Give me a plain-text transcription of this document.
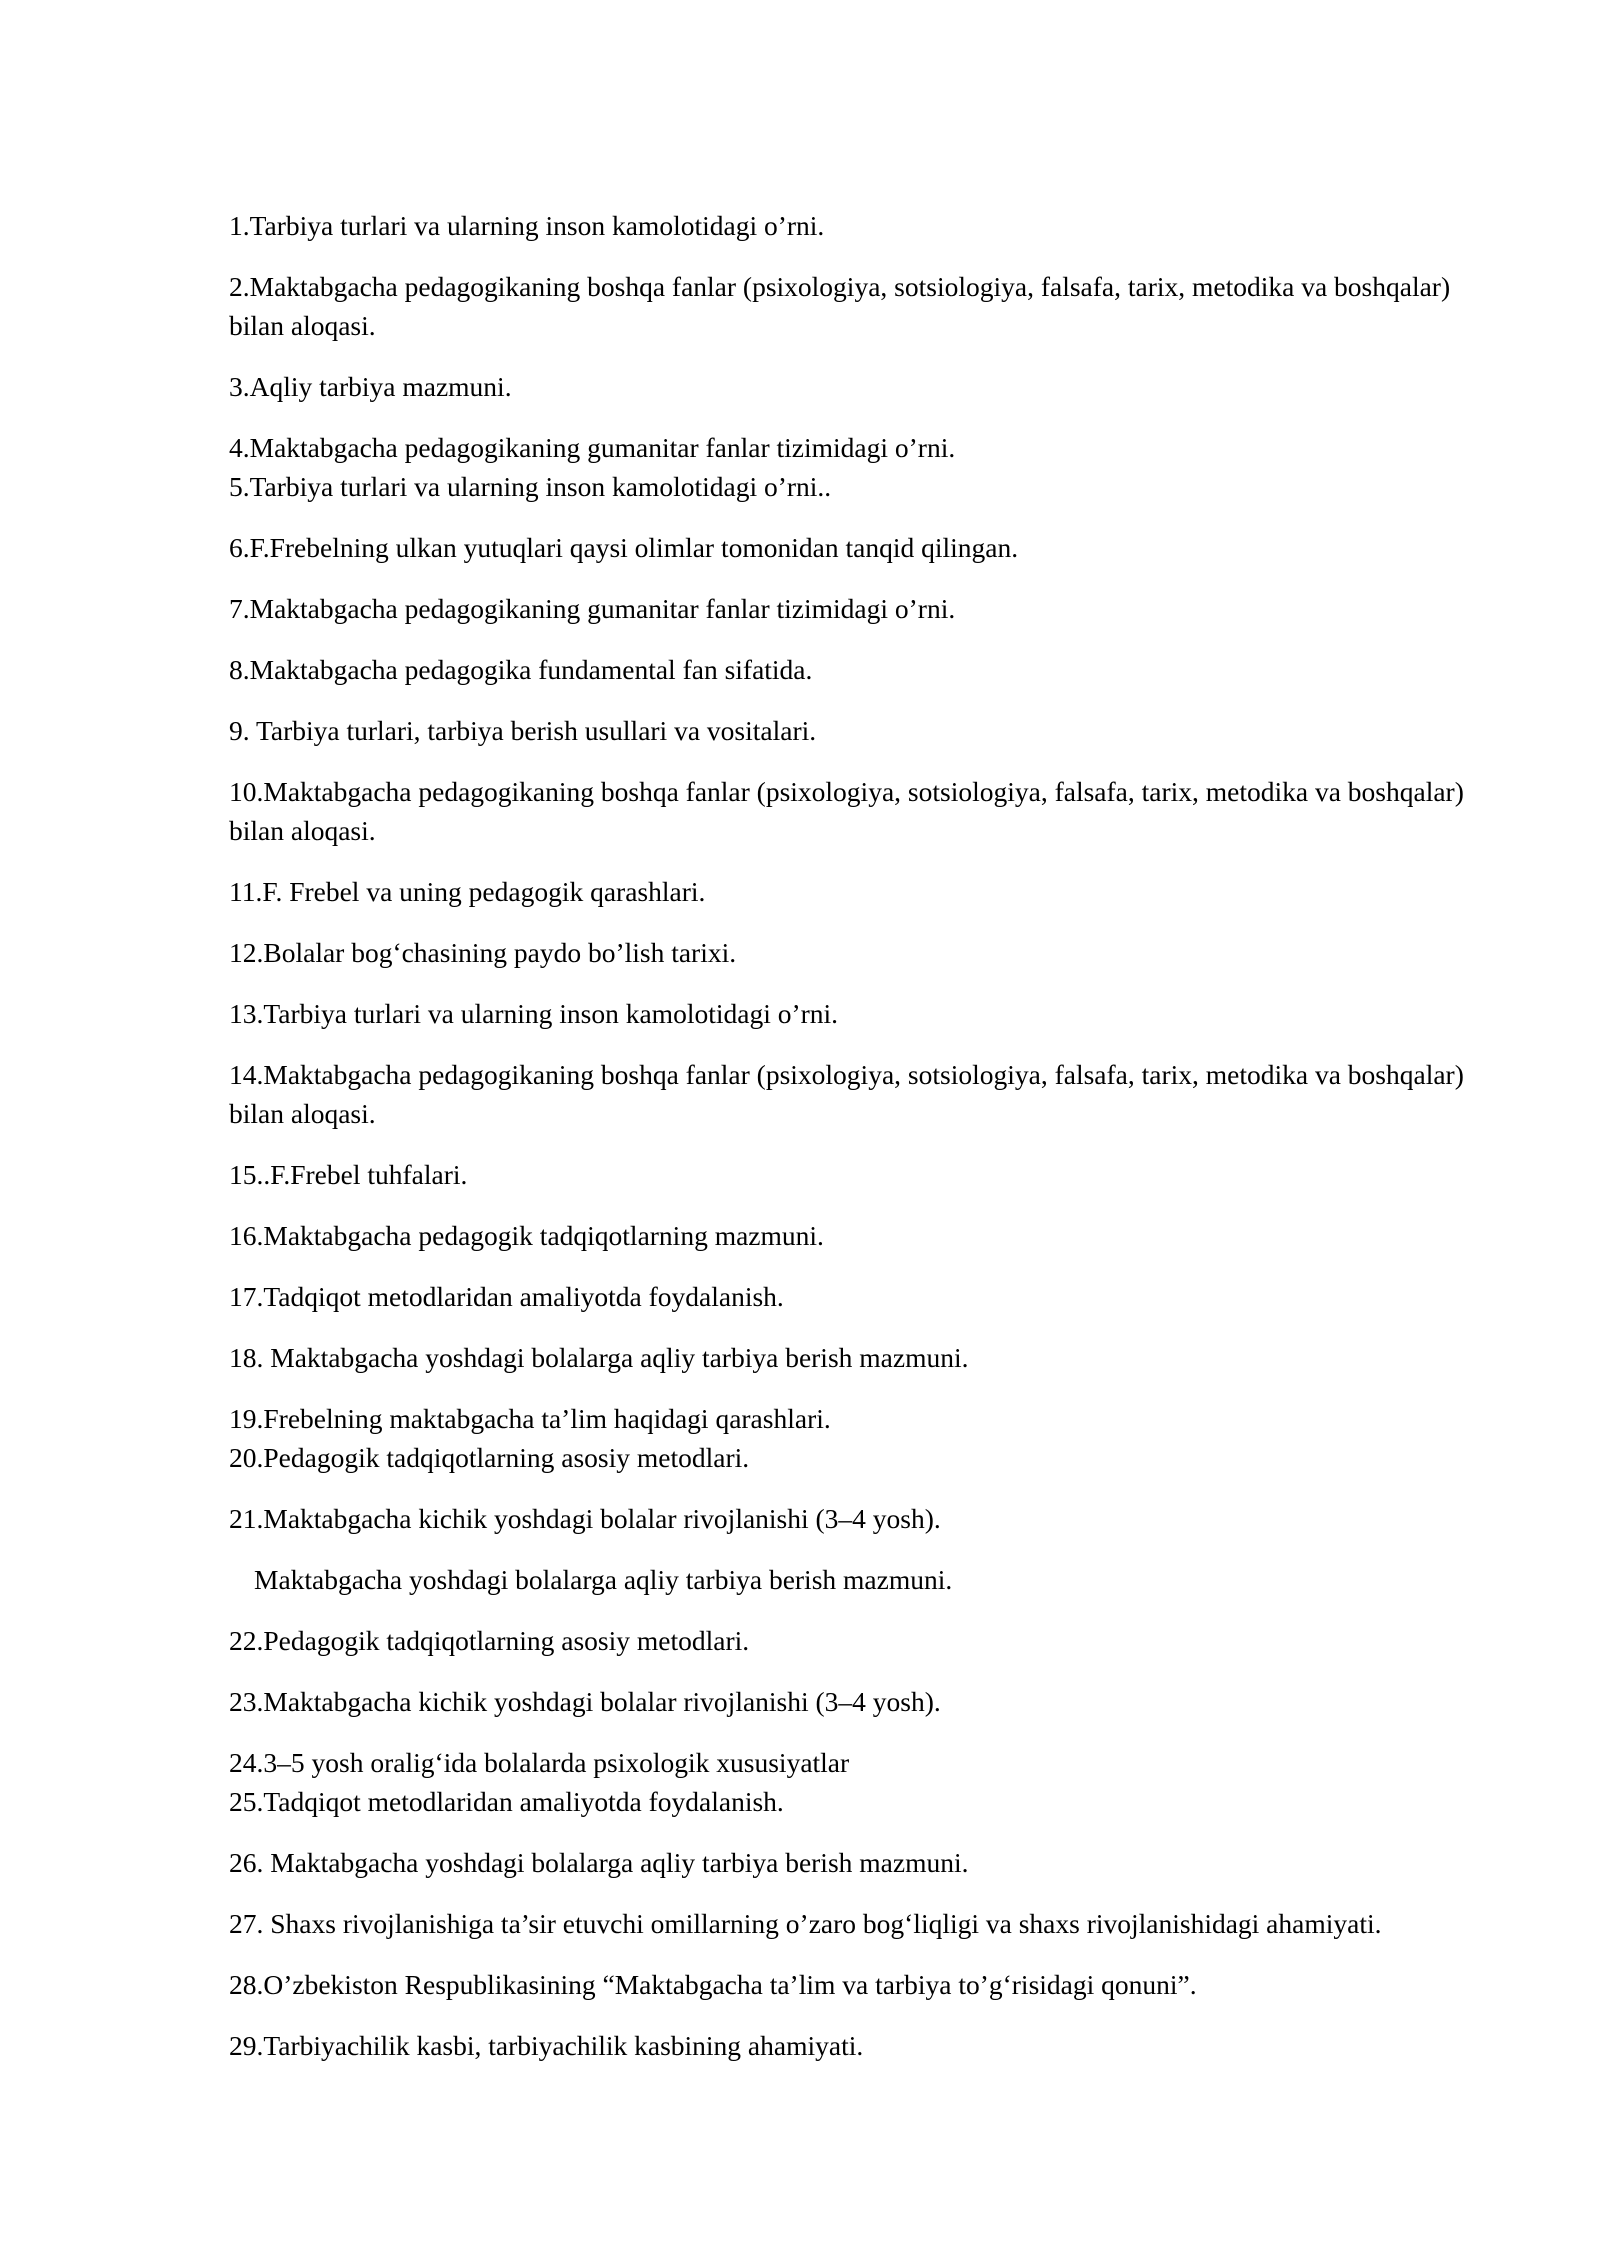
1.Tarbiya turlari va ularning inson kamolotidagi o’rni.
2.Maktabgacha pedagogikaning boshqa fanlar (psixologiya, sotsiologiya, falsafa, tarix, metodika va boshqalar) bilan aloqasi.
3.Aqliy tarbiya mazmuni.
4.Maktabgacha pedagogikaning gumanitar fanlar tizimidagi o’rni.
5.Tarbiya turlari va ularning inson kamolotidagi o’rni..
6.F.Frebelning ulkan yutuqlari qaysi olimlar tomonidan tanqid qilingan.
7.Maktabgacha pedagogikaning gumanitar fanlar tizimidagi o’rni.
8.Maktabgacha pedagogika fundamental fan sifatida.
9. Tarbiya turlari, tarbiya berish usullari va vositalari.
10.Maktabgacha pedagogikaning boshqa fanlar (psixologiya, sotsiologiya, falsafa, tarix, metodika va boshqalar) bilan aloqasi.
11.F. Frebel va uning pedagogik qarashlari.
12.Bolalar bog‘chasining paydo bo’lish tarixi.
13.Tarbiya turlari va ularning inson kamolotidagi o’rni.
14.Maktabgacha pedagogikaning boshqa fanlar (psixologiya, sotsiologiya, falsafa, tarix, metodika va boshqalar) bilan aloqasi.
15..F.Frebel tuhfalari.
16.Maktabgacha pedagogik tadqiqotlarning mazmuni.
17.Tadqiqot metodlaridan amaliyotda foydalanish.
18. Maktabgacha yoshdagi bolalarga aqliy tarbiya berish mazmuni.
19.Frebelning maktabgacha ta’lim haqidagi qarashlari.
20.Pedagogik tadqiqotlarning asosiy metodlari.
21.Maktabgacha kichik yoshdagi bolalar rivojlanishi (3–4 yosh).
Maktabgacha yoshdagi bolalarga aqliy tarbiya berish mazmuni.
22.Pedagogik tadqiqotlarning asosiy metodlari.
23.Maktabgacha kichik yoshdagi bolalar rivojlanishi (3–4 yosh).
24.3–5 yosh oralig‘ida bolalarda psixologik xususiyatlar
25.Tadqiqot metodlaridan amaliyotda foydalanish.
26. Maktabgacha yoshdagi bolalarga aqliy tarbiya berish mazmuni.
27. Shaxs rivojlanishiga ta’sir etuvchi omillarning o’zaro bog‘liqligi va shaxs rivojlanishidagi ahamiyati.
28.O’zbekiston Respublikasining “Maktabgacha ta’lim va tarbiya to’g‘risidagi qonuni”.
29.Tarbiyachilik kasbi, tarbiyachilik kasbining ahamiyati.
